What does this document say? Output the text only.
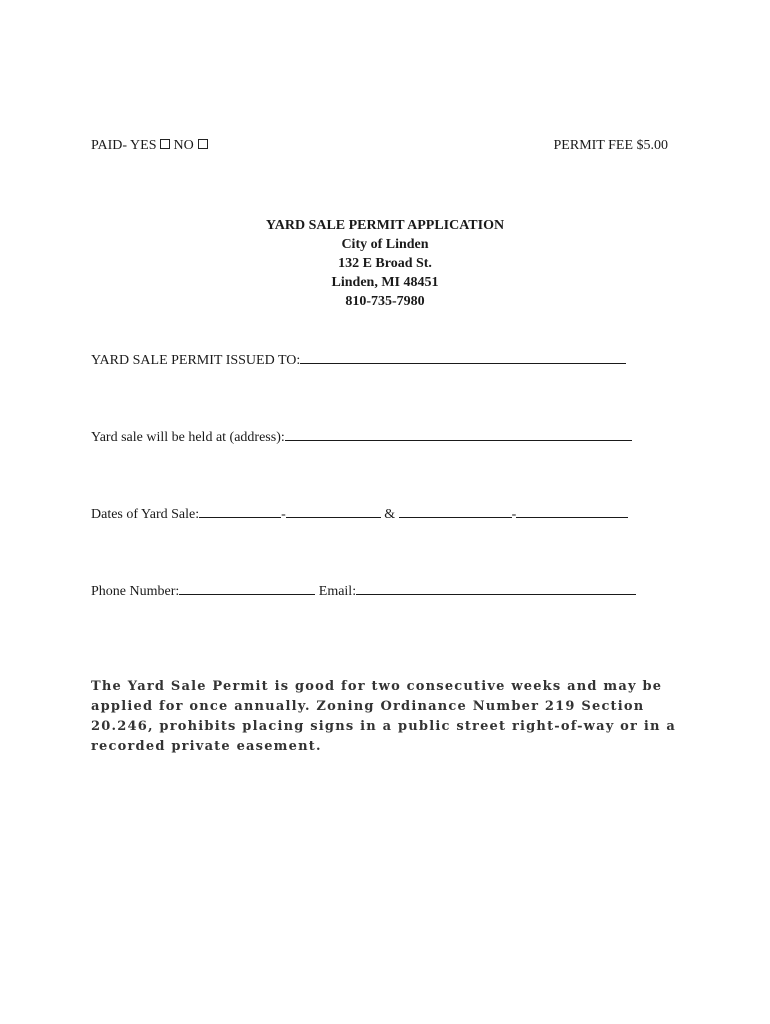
PAID- YES NO	PERMIT FEE $5.00
YARD SALE PERMIT APPLICATION
City of Linden
132 E Broad St.
Linden, MI 48451
810-735-7980
YARD SALE PERMIT ISSUED TO:
Yard sale will be held at (address):
Dates of Yard Sale:	-	&	-
Phone Number:	Email:
The Yard Sale Permit is good for two consecutive weeks and may be applied for once annually. Zoning Ordinance Number 219 Section 20.246, prohibits placing signs in a public street right-of-way or in a recorded private easement.
